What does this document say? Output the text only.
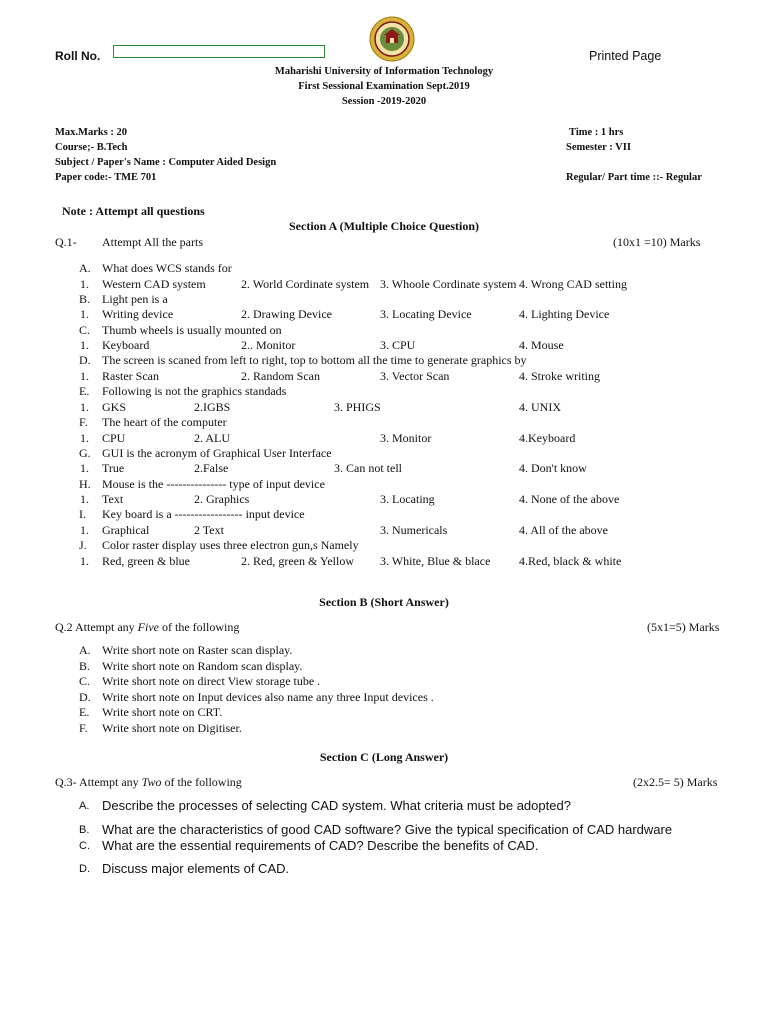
Roll No.	Printed Page
Maharishi University of Information Technology
First Sessional Examination Sept.2019
Session -2019-2020
Max.Marks : 20	Time : 1 hrs
Course;- B.Tech	Semester : VII
Subject / Paper's Name : Computer Aided Design
Paper code:- TME 701	Regular/ Part time ::- Regular
Note : Attempt all questions
Section A (Multiple Choice Question)
Q.1- Attempt All the parts	(10x1 =10) Marks
A. What does WCS stands for
1. Western CAD system	2. World Cordinate system 3. Whoole Cordinate system 4. Wrong CAD setting
B. Light pen is a
1. Writing device	2. Drawing Device	3. Locating Device	4. Lighting Device
C. Thumb wheels is usually mounted on
1. Keyboard	2.. Monitor	3. CPU	4. Mouse
D. The screen is scaned from left to right, top to bottom all the time to generate graphics by
1. Raster Scan	2. Random Scan	3. Vector Scan	4. Stroke writing
E. Following is not the graphics standads
1. GKS	2.IGBS	3. PHIGS	4. UNIX
F. The heart of the computer
1. CPU	2. ALU	3. Monitor	4.Keyboard
G. GUI is the acronym of Graphical User Interface
1. True	2.False	3. Can not tell	4. Don't know
H. Mouse is the --------------- type of input device
1. Text	2. Graphics	3. Locating	4. None of the above
I. Key board is a ----------------- input device
1. Graphical	2 Text	3. Numericals	4. All of the above
J. Color raster display uses three electron gun,s Namely
1. Red, green & blue	2. Red, green & Yellow 3. White, Blue & blace 4.Red, black & white
Section B (Short Answer)
Q.2 Attempt any Five of the following	(5x1=5) Marks
A. Write short note on Raster scan display.
B. Write short note on Random scan display.
C. Write short note on direct View storage tube .
D. Write short note on Input devices also name any three Input devices .
E. Write short note on CRT.
F. Write short note on Digitiser.
Section C (Long Answer)
Q.3- Attempt any Two of the following	(2x2.5= 5) Marks
A. Describe the processes of selecting CAD system. What criteria must be adopted?
B. What are the characteristics of good CAD software? Give the typical specification of CAD hardware
C. What are the essential requirements of CAD? Describe the benefits of CAD.
D. Discuss major elements of CAD.
